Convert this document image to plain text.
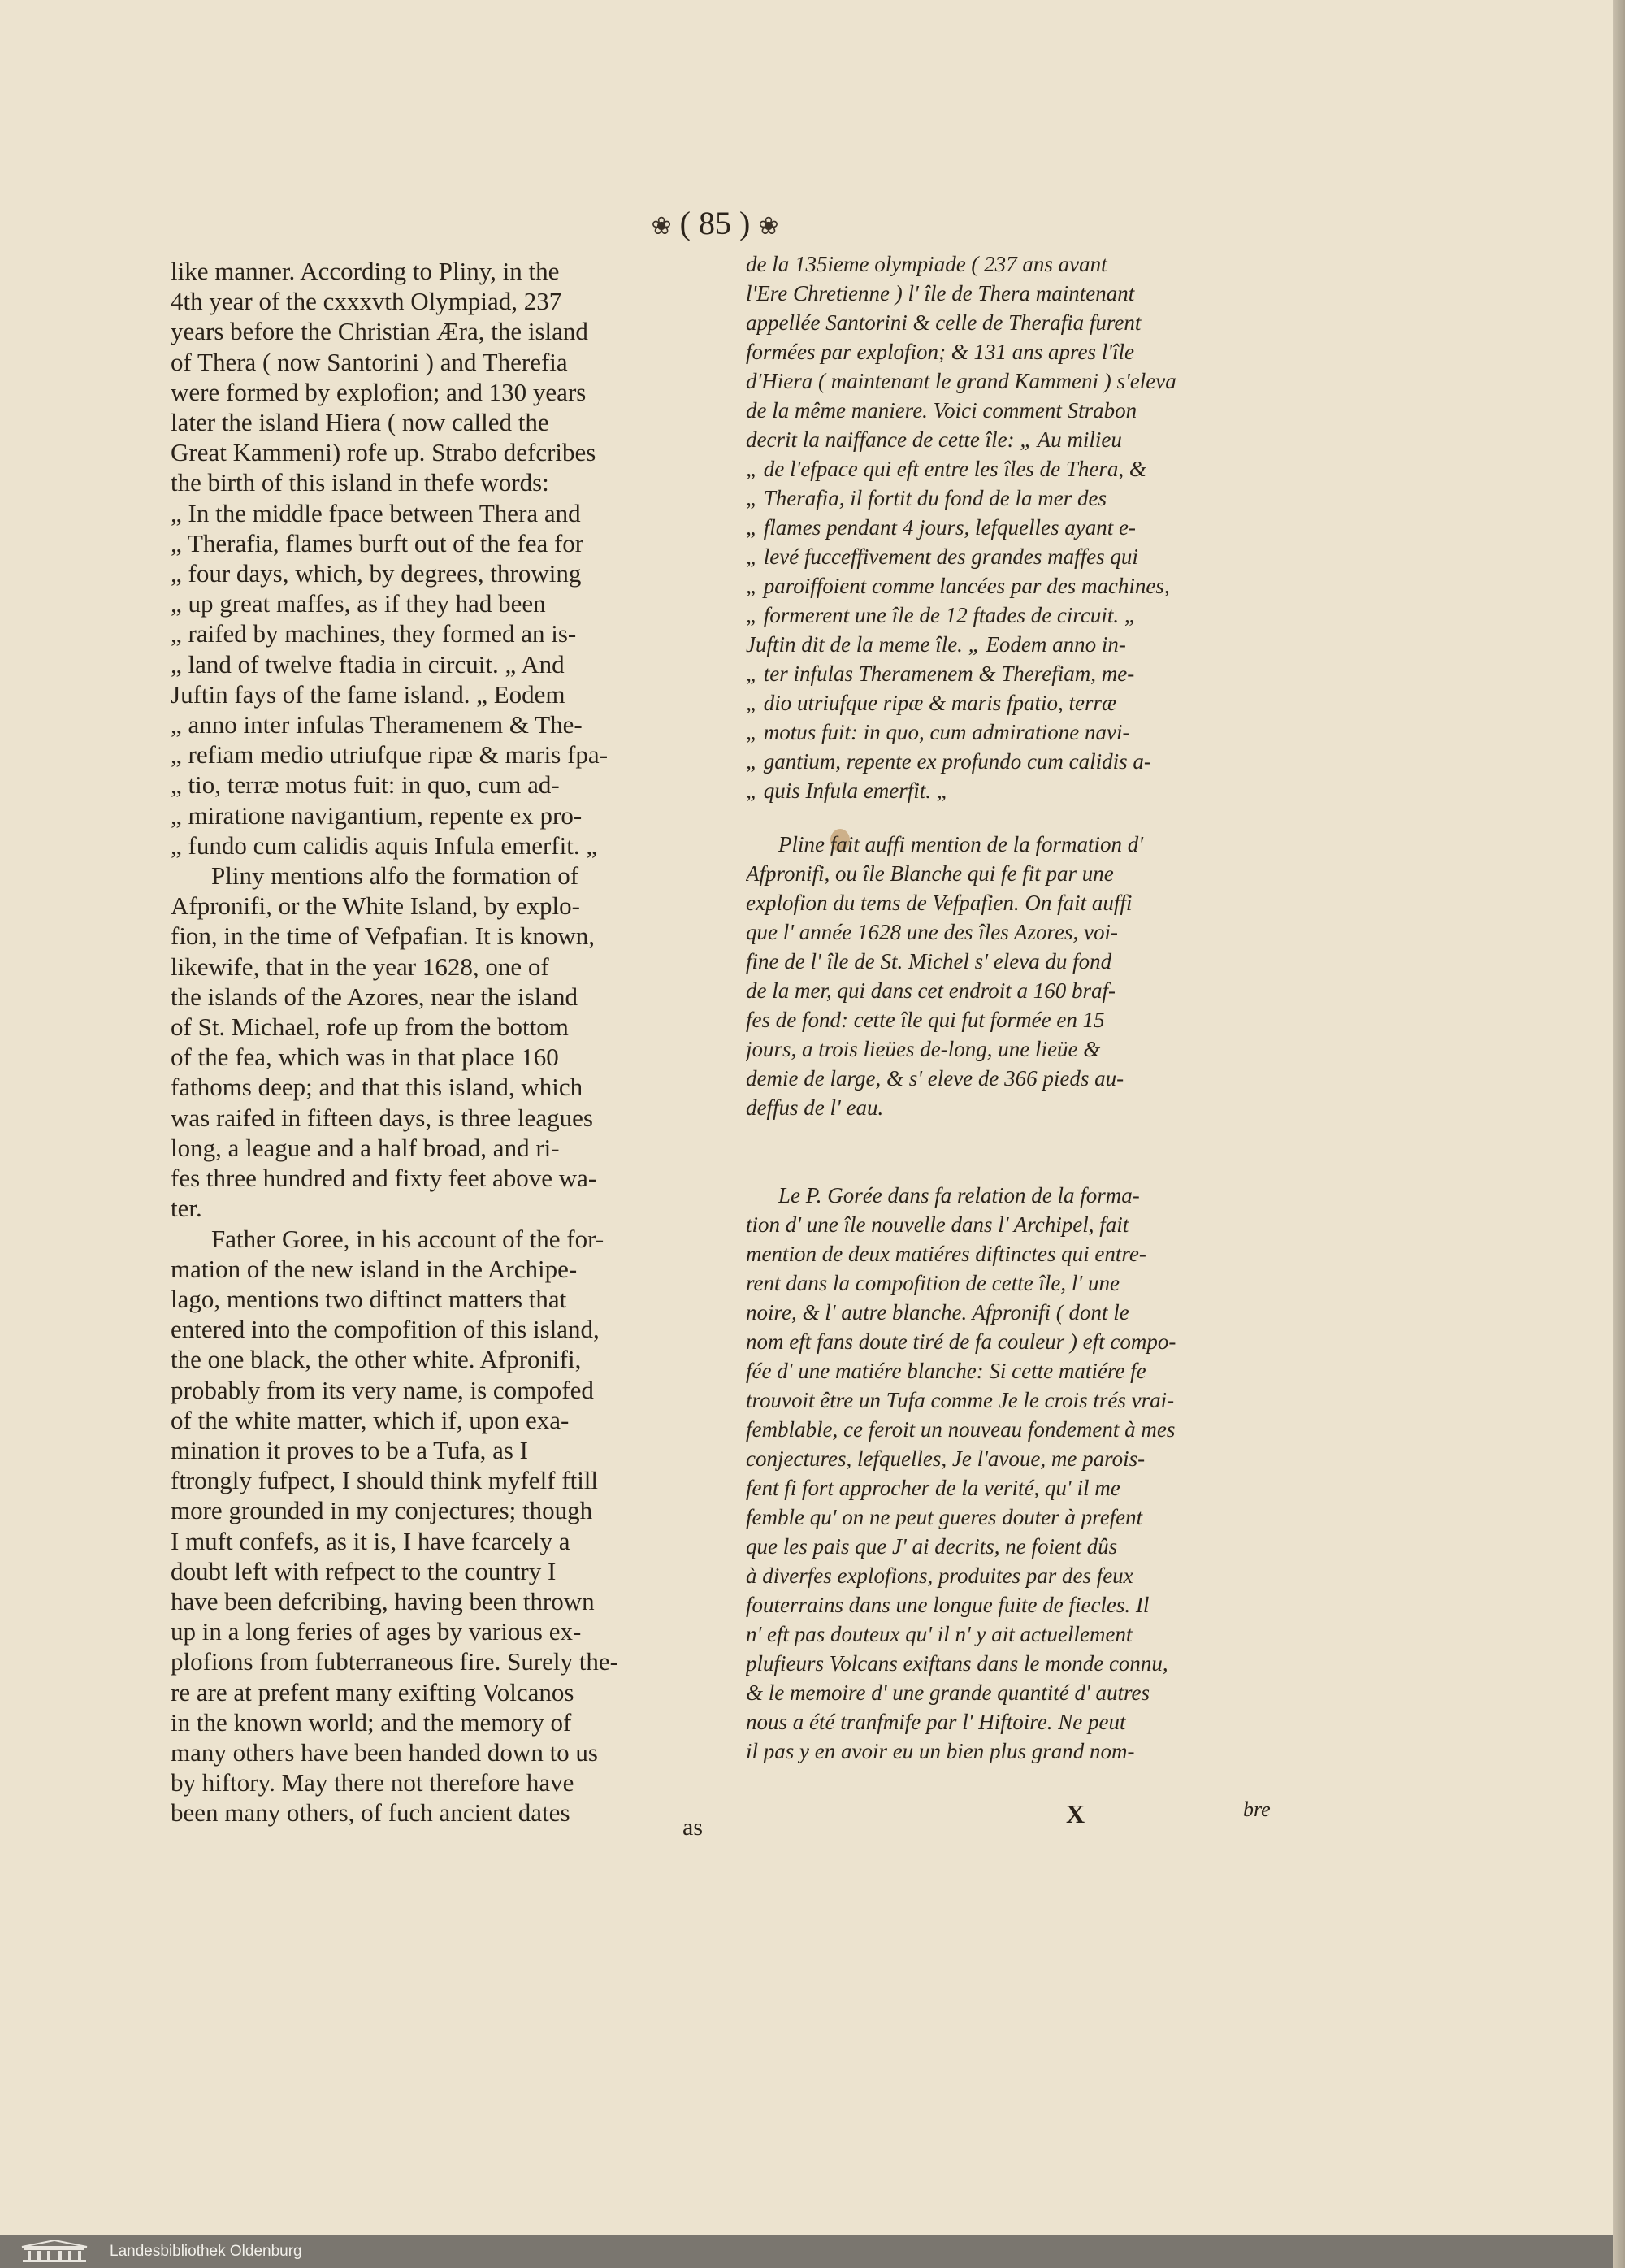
❀ ( 85 ) ❀
like manner. According to Pliny, in the
4th year of the cxxxvth Olympiad, 237
years before the Christian Æra, the island
of Thera ( now Santorini ) and Therefia
were formed by explofion; and 130 years
later the island Hiera ( now called the
Great Kammeni) rofe up. Strabo defcribes
the birth of this island in thefe words:
„ In the middle fpace between Thera and
„ Therafia, flames burft out of the fea for
„ four days, which, by degrees, throwing
„ up great maffes, as if they had been
„ raifed by machines, they formed an is-
„ land of twelve ftadia in circuit. „ And
Juftin fays of the fame island. „ Eodem
„ anno inter infulas Theramenem & The-
„ refiam medio utriufque ripæ & maris fpa-
„ tio, terræ motus fuit: in quo, cum ad-
„ miratione navigantium, repente ex pro-
„ fundo cum calidis aquis Infula emerfit. „
Pliny mentions alfo the formation of
Afpronifi, or the White Island, by explo-
fion, in the time of Vefpafian. It is known,
likewife, that in the year 1628, one of
the islands of the Azores, near the island
of St. Michael, rofe up from the bottom
of the fea, which was in that place 160
fathoms deep; and that this island, which
was raifed in fifteen days, is three leagues
long, a league and a half broad, and ri-
fes three hundred and fixty feet above wa-
ter.
Father Goree, in his account of the for-
mation of the new island in the Archipe-
lago, mentions two diftinct matters that
entered into the compofition of this island,
the one black, the other white. Afpronifi,
probably from its very name, is compofed
of the white matter, which if, upon exa-
mination it proves to be a Tufa, as I
ftrongly fufpect, I should think myfelf ftill
more grounded in my conjectures; though
I muft confefs, as it is, I have fcarcely a
doubt left with refpect to the country I
have been defcribing, having been thrown
up in a long feries of ages by various ex-
plofions from fubterraneous fire. Surely the-
re are at prefent many exifting Volcanos
in the known world; and the memory of
many others have been handed down to us
by hiftory. May there not therefore have
been many others, of fuch ancient dates
as
de la 135ieme olympiade ( 237 ans avant
l'Ere Chretienne ) l' île de Thera maintenant
appellée Santorini & celle de Therafia furent
formées par explofion; & 131 ans apres l'île
d'Hiera ( maintenant le grand Kammeni ) s'eleva
de la même maniere. Voici comment Strabon
decrit la naiffance de cette île: „ Au milieu
„ de l'efpace qui eft entre les îles de Thera, &
„ Therafia, il fortit du fond de la mer des
„ flames pendant 4 jours, lefquelles ayant e-
„ levé fucceffivement des grandes maffes qui
„ paroiffoient comme lancées par des machines,
„ formerent une île de 12 ftades de circuit. „
Juftin dit de la meme île. „ Eodem anno in-
„ ter infulas Theramenem & Therefiam, me-
„ dio utriufque ripæ & maris fpatio, terræ
„ motus fuit: in quo, cum admiratione navi-
„ gantium, repente ex profundo cum calidis a-
„ quis Infula emerfit. „
Pline fait auffi mention de la formation d'
Afpronifi, ou île Blanche qui fe fit par une
explofion du tems de Vefpafien. On fait auffi
que l' année 1628 une des îles Azores, voi-
fine de l' île de St. Michel s' eleva du fond
de la mer, qui dans cet endroit a 160 braf-
fes de fond: cette île qui fut formée en 15
jours, a trois lieües de-long, une lieüe &
demie de large, & s' eleve de 366 pieds au-
deffus de l' eau.
Le P. Gorée dans fa relation de la forma-
tion d' une île nouvelle dans l' Archipel, fait
mention de deux matiéres diftinctes qui entre-
rent dans la compofition de cette île, l' une
noire, & l' autre blanche. Afpronifi ( dont le
nom eft fans doute tiré de fa couleur ) eft compo-
fée d' une matiére blanche: Si cette matiére fe
trouvoit être un Tufa comme Je le crois trés vrai-
femblable, ce feroit un nouveau fondement à mes
conjectures, lefquelles, Je l'avoue, me parois-
fent fi fort approcher de la verité, qu' il me
femble qu' on ne peut gueres douter à prefent
que les pais que J' ai decrits, ne foient dûs
à diverfes explofions, produites par des feux
fouterrains dans une longue fuite de fiecles. Il
n' eft pas douteux qu' il n' y ait actuellement
plufieurs Volcans exiftans dans le monde connu,
& le memoire d' une grande quantité d' autres
nous a été tranfmife par l' Hiftoire. Ne peut
il pas y en avoir eu un bien plus grand nom-
X	bre
Landesbibliothek Oldenburg
